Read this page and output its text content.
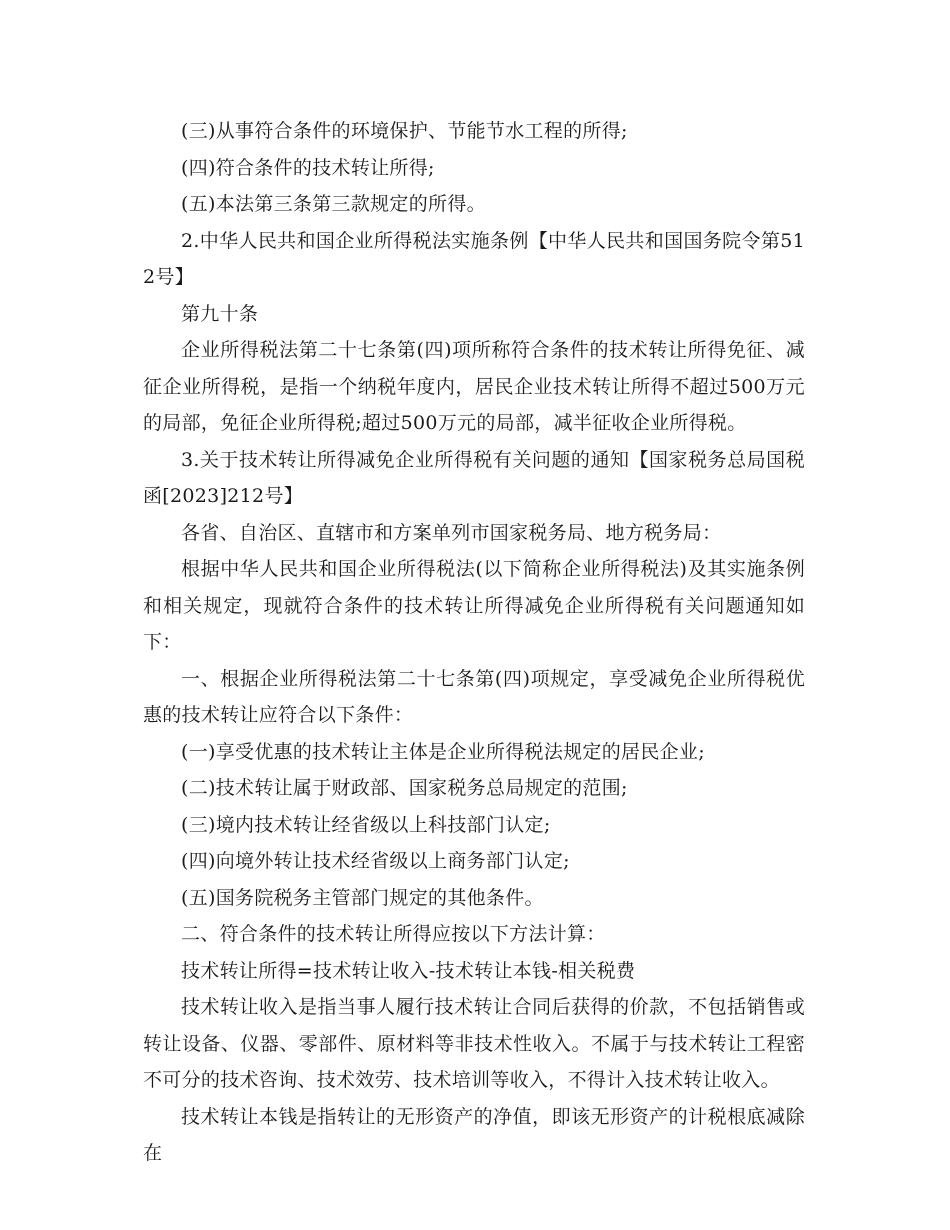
(三)从事符合条件的环境保护、节能节水工程的所得;

(四)符合条件的技术转让所得;

(五)本法第三条第三款规定的所得。

2.中华人民共和国企业所得税法实施条例【中华人民共和国国务院令第512号】

第九十条

企业所得税法第二十七条第(四)项所称符合条件的技术转让所得免征、减征企业所得税，是指一个纳税年度内，居民企业技术转让所得不超过500万元的局部，免征企业所得税;超过500万元的局部，减半征收企业所得税。

3.关于技术转让所得减免企业所得税有关问题的通知【国家税务总局国税函[2023]212号】

各省、自治区、直辖市和方案单列市国家税务局、地方税务局：

根据中华人民共和国企业所得税法(以下简称企业所得税法)及其实施条例和相关规定，现就符合条件的技术转让所得减免企业所得税有关问题通知如下：

一、根据企业所得税法第二十七条第(四)项规定，享受减免企业所得税优惠的技术转让应符合以下条件：

(一)享受优惠的技术转让主体是企业所得税法规定的居民企业;

(二)技术转让属于财政部、国家税务总局规定的范围;

(三)境内技术转让经省级以上科技部门认定;

(四)向境外转让技术经省级以上商务部门认定;

(五)国务院税务主管部门规定的其他条件。

二、符合条件的技术转让所得应按以下方法计算：

技术转让所得=技术转让收入-技术转让本钱-相关税费

技术转让收入是指当事人履行技术转让合同后获得的价款，不包括销售或转让设备、仪器、零部件、原材料等非技术性收入。不属于与技术转让工程密不可分的技术咨询、技术效劳、技术培训等收入，不得计入技术转让收入。

技术转让本钱是指转让的无形资产的净值，即该无形资产的计税根底减除在
